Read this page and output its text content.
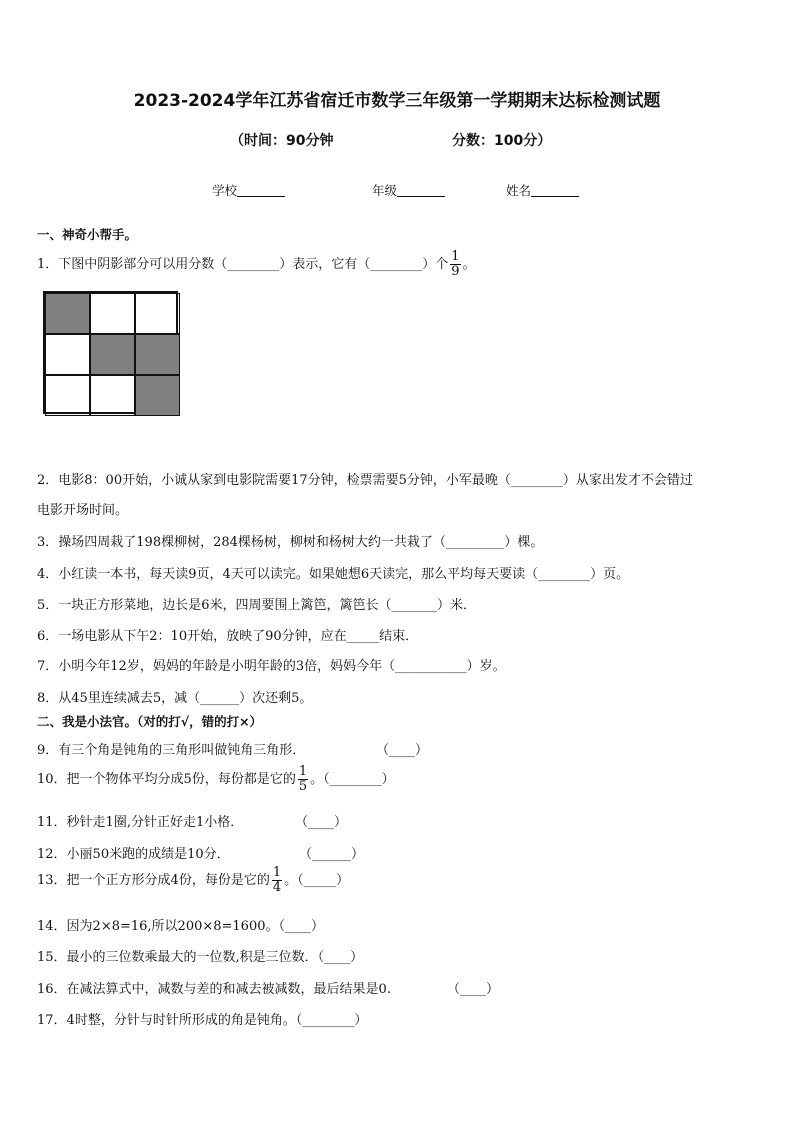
2023-2024学年江苏省宿迁市数学三年级第一学期期末达标检测试题
（时间：90分钟	分数：100分）
学校	年级	姓名
一、神奇小帮手。
1．下图中阴影部分可以用分数（________）表示，它有（________）个 $\frac{1}{9}$ 。
2．电影8：00开始，小诚从家到电影院需要17分钟，检票需要5分钟，小军最晚（________）从家出发才不会错过
电影开场时间。
3．操场四周栽了198棵柳树，284棵杨树，柳树和杨树大约一共栽了（_________）棵。
4．小红读一本书，每天读9页，4天可以读完。如果她想6天读完，那么平均每天要读（________）页。
5．一块正方形菜地，边长是6米，四周要围上篱笆，篱笆长（_______）米．
6．一场电影从下午2：10开始，放映了90分钟，应在_____结束．
7．小明今年12岁，妈妈的年龄是小明年龄的3倍，妈妈今年（___________）岁。
8．从45里连续减去5，减（______）次还剩5。
二、我是小法官。（对的打√，错的打×）
9．有三个角是钝角的三角形叫做钝角三角形．	（____）
10．把一个物体平均分成5份，每份都是它的 $\frac{1}{5}$ 。（________）
11．秒针走1圈,分针正好走1小格．	（____）
12．小丽50米跑的成绩是10分．	（______）
13．把一个正方形分成4份，每份是它的 $\frac{1}{4}$ 。（_____）
14．因为2×8=16,所以200×8=1600。（____）
15．最小的三位数乘最大的一位数,积是三位数．（____）
16．在减法算式中，减数与差的和减去被减数，最后结果是0.	（____）
17．4时整，分针与时针所形成的角是钝角。（________）
